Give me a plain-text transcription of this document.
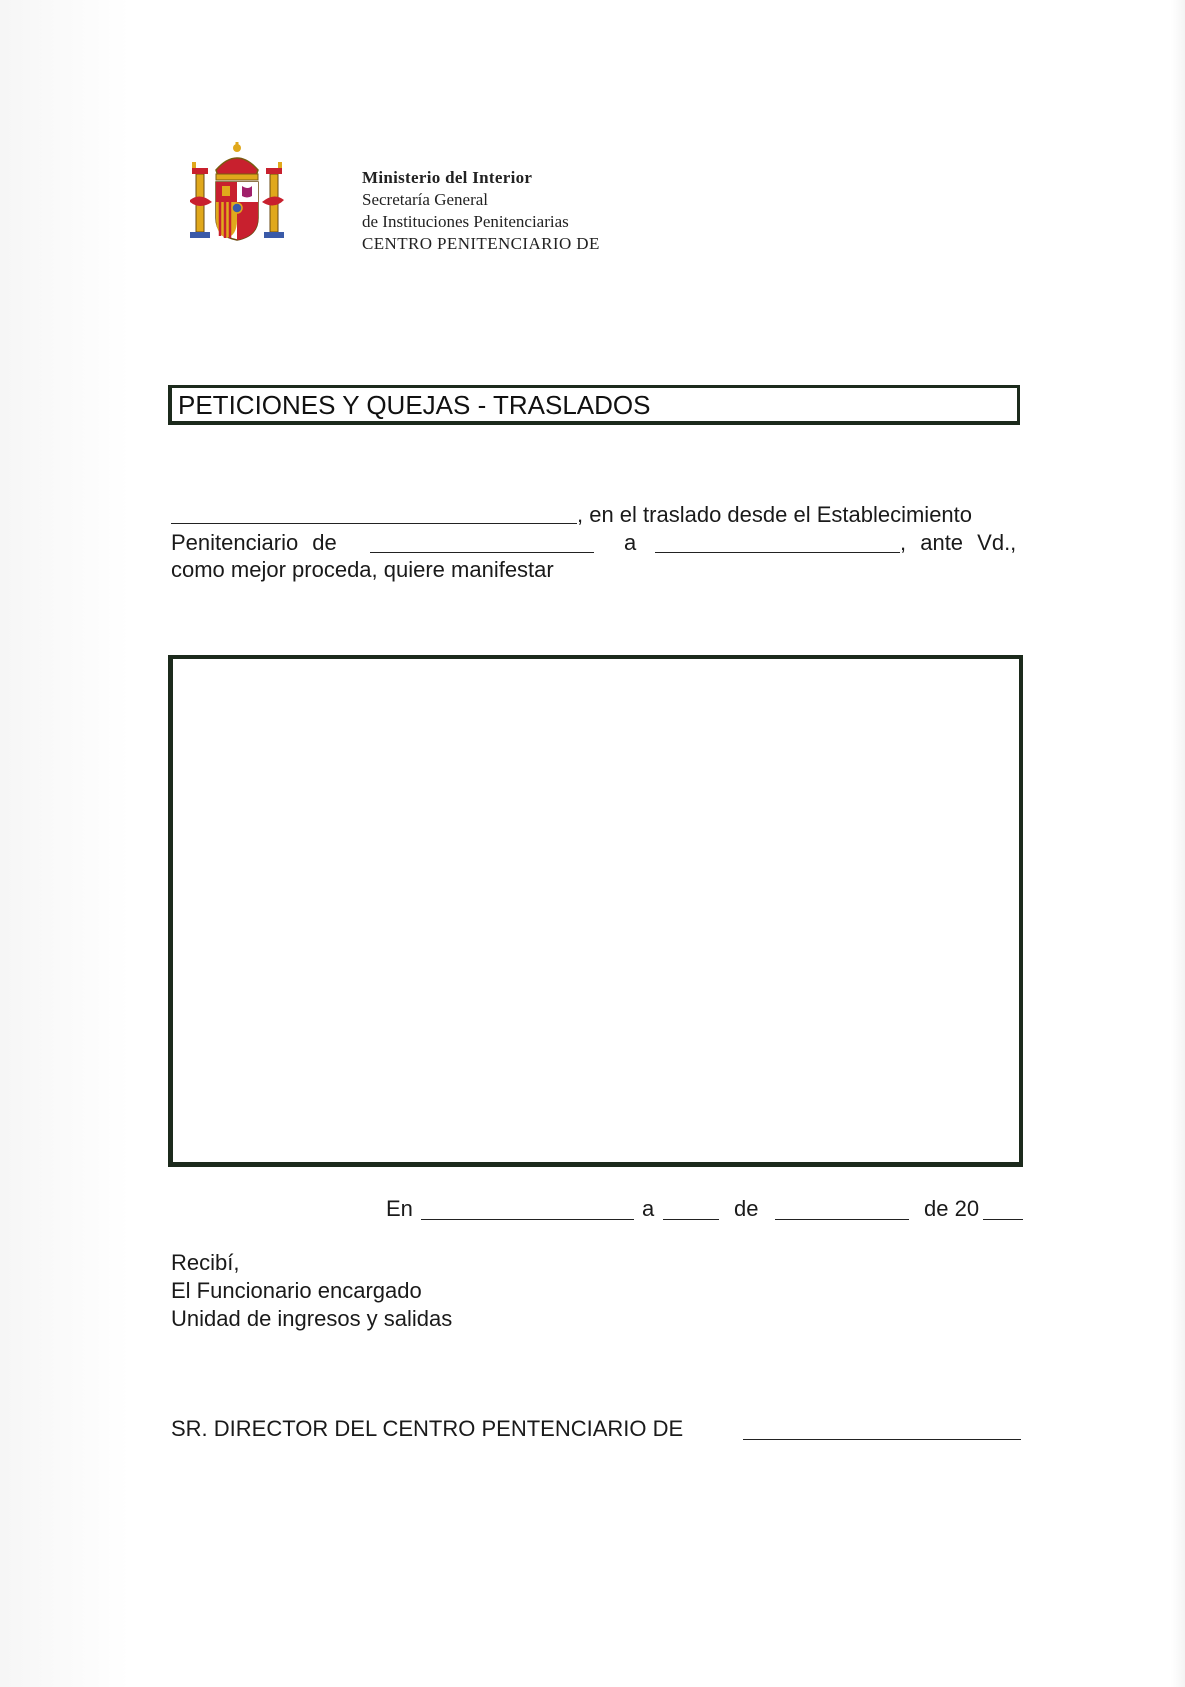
Ministerio del Interior
Secretaría General
de Instituciones Penitenciarias
CENTRO PENITENCIARIO DE
PETICIONES Y QUEJAS - TRASLADOS
, en el traslado desde el Establecimiento
Penitenciario de	a	, ante Vd.,
como mejor proceda, quiere manifestar
En	a	de	de 20
Recibí,
El Funcionario encargado
Unidad de ingresos y salidas
SR. DIRECTOR DEL CENTRO PENTENCIARIO DE
